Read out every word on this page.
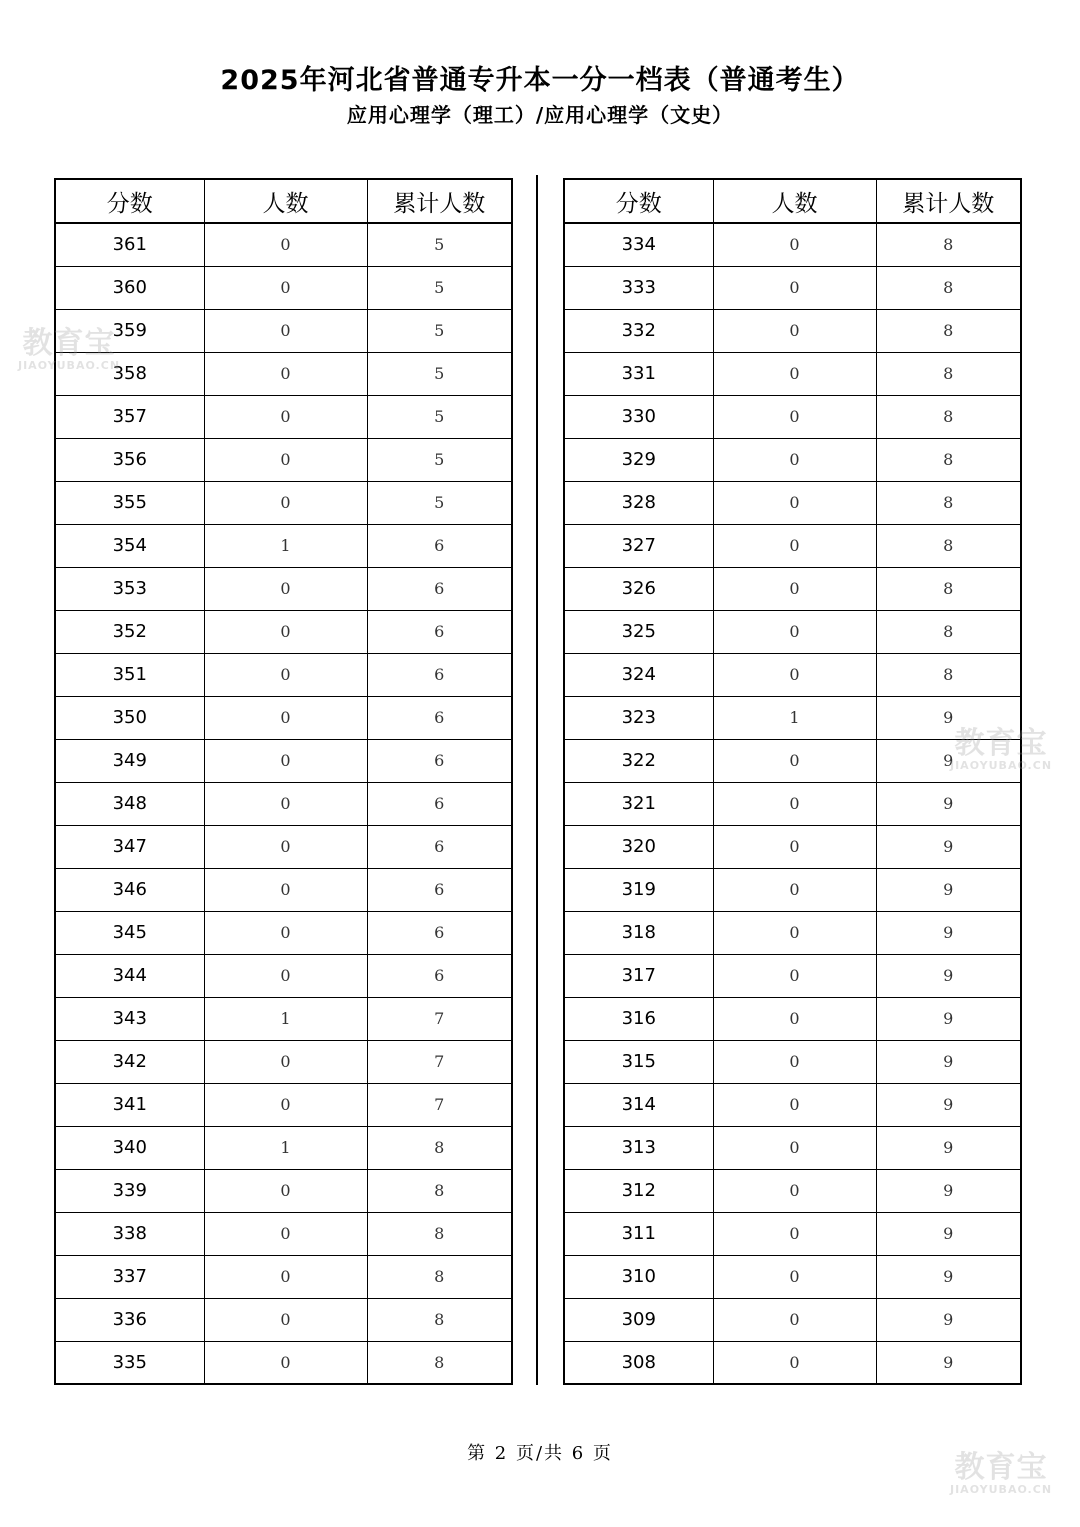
2025年河北省普通专升本一分一档表（普通考生）
应用心理学（理工）/应用心理学（文史）
分数	人数	累计人数
361	0	5
360	0	5
359	0	5
358	0	5
357	0	5
356	0	5
355	0	5
354	1	6
353	0	6
352	0	6
351	0	6
350	0	6
349	0	6
348	0	6
347	0	6
346	0	6
345	0	6
344	0	6
343	1	7
342	0	7
341	0	7
340	1	8
339	0	8
338	0	8
337	0	8
336	0	8
335	0	8
分数	人数	累计人数
334	0	8
333	0	8
332	0	8
331	0	8
330	0	8
329	0	8
328	0	8
327	0	8
326	0	8
325	0	8
324	0	8
323	1	9
322	0	9
321	0	9
320	0	9
319	0	9
318	0	9
317	0	9
316	0	9
315	0	9
314	0	9
313	0	9
312	0	9
311	0	9
310	0	9
309	0	9
308	0	9
第 2 页/共 6 页
教育宝
JIAOYUBAO.CN
教育宝
JIAOYUBAO.CN
教育宝
JIAOYUBAO.CN
